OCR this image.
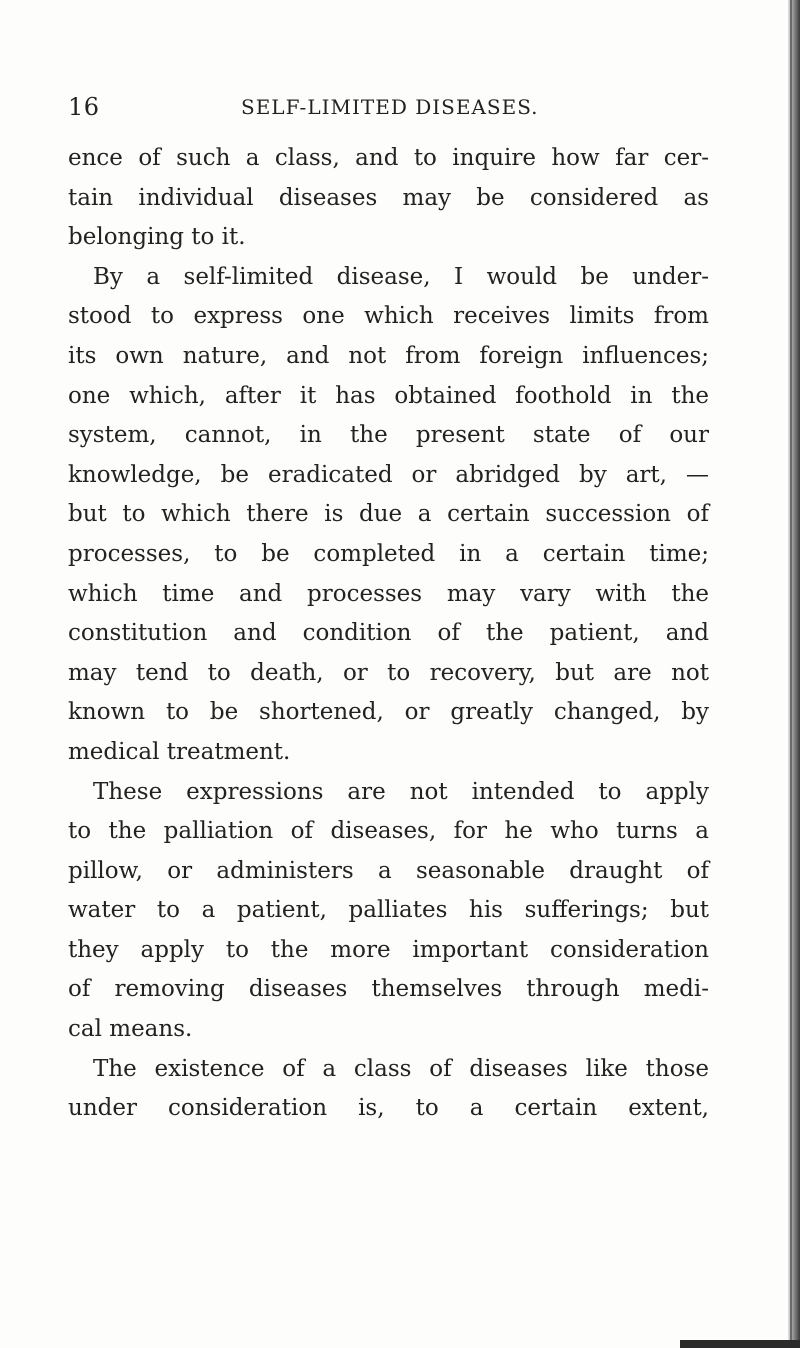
16	SELF-LIMITED DISEASES.
ence of such a class, and to inquire how far cer-
tain individual diseases may be considered as
belonging to it.
By a self-limited disease, I would be under-
stood to express one which receives limits from
its own nature, and not from foreign influences;
one which, after it has obtained foothold in the
system, cannot, in the present state of our
knowledge, be eradicated or abridged by art, —
but to which there is due a certain succession of
processes, to be completed in a certain time;
which time and processes may vary with the
constitution and condition of the patient, and
may tend to death, or to recovery, but are not
known to be shortened, or greatly changed, by
medical treatment.
These expressions are not intended to apply
to the palliation of diseases, for he who turns a
pillow, or administers a seasonable draught of
water to a patient, palliates his sufferings; but
they apply to the more important consideration
of removing diseases themselves through medi-
cal means.
The existence of a class of diseases like those
under consideration is, to a certain extent,
